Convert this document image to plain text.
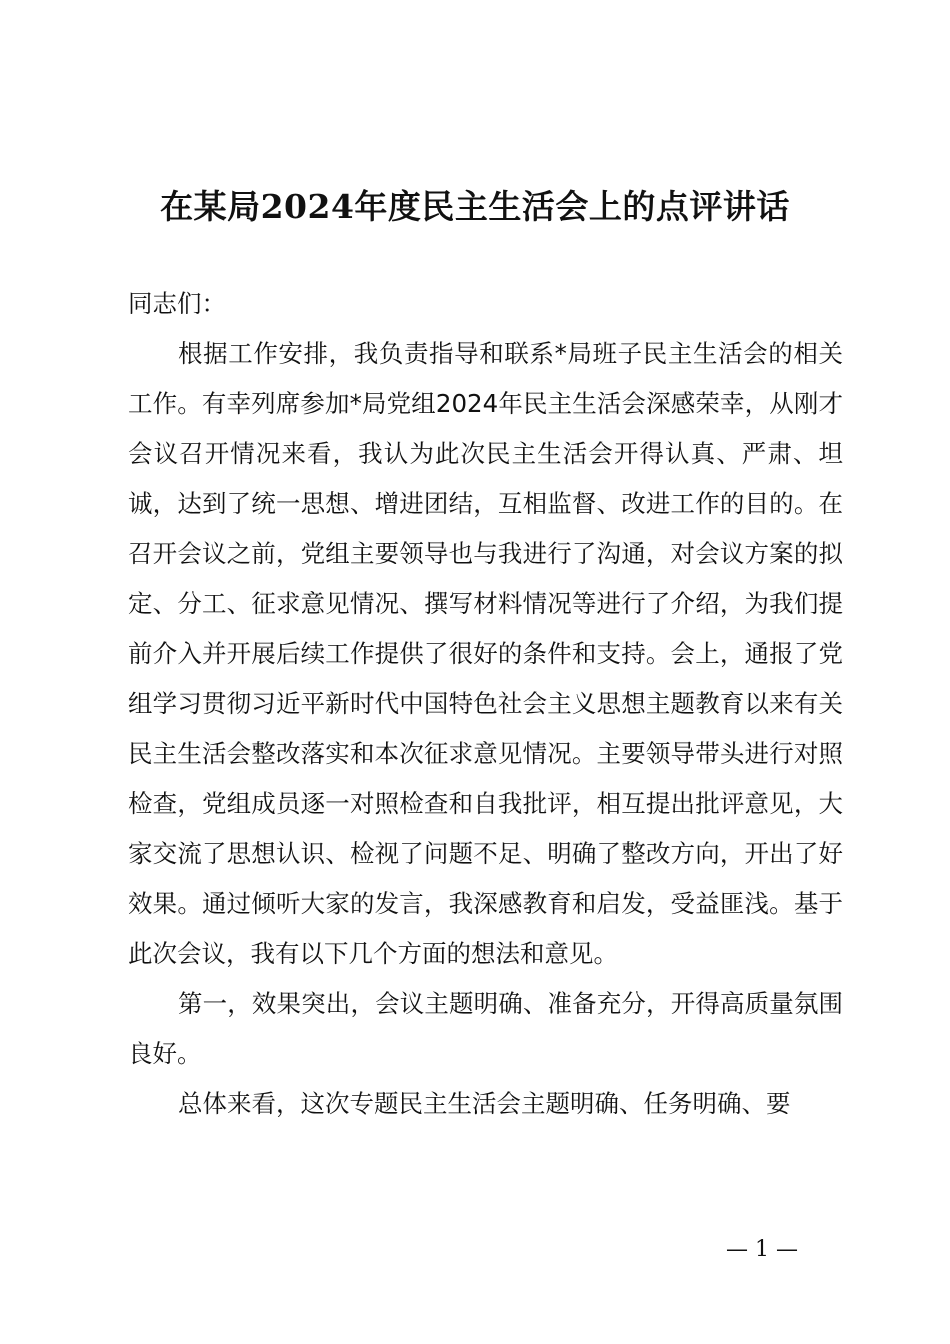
在某局2024年度民主生活会上的点评讲话

同志们：

根据工作安排，我负责指导和联系*局班子民主生活会的相关工作。有幸列席参加*局党组2024年民主生活会深感荣幸，从刚才会议召开情况来看，我认为此次民主生活会开得认真、严肃、坦诚，达到了统一思想、增进团结，互相监督、改进工作的目的。在召开会议之前，党组主要领导也与我进行了沟通，对会议方案的拟定、分工、征求意见情况、撰写材料情况等进行了介绍，为我们提前介入并开展后续工作提供了很好的条件和支持。会上，通报了党组学习贯彻习近平新时代中国特色社会主义思想主题教育以来有关民主生活会整改落实和本次征求意见情况。主要领导带头进行对照检查，党组成员逐一对照检查和自我批评，相互提出批评意见，大家交流了思想认识、检视了问题不足、明确了整改方向，开出了好效果。通过倾听大家的发言，我深感教育和启发，受益匪浅。基于此次会议，我有以下几个方面的想法和意见。

第一，效果突出，会议主题明确、准备充分，开得高质量氛围良好。

总体来看，这次专题民主生活会主题明确、任务明确、要

— 1 —
